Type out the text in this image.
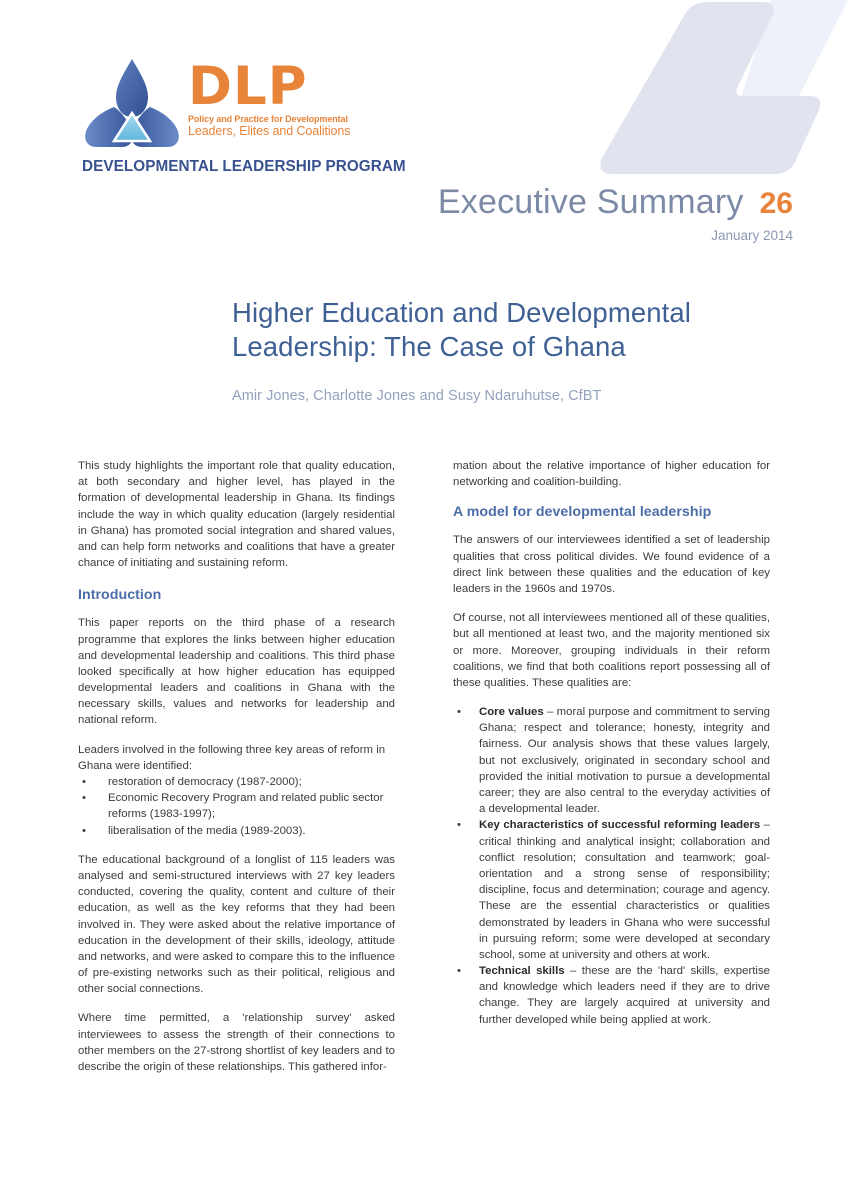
DLP
Policy and Practice for Developmental
Leaders, Elites and Coalitions
DEVELOPMENTAL LEADERSHIP PROGRAM
Executive Summary 26
January 2014
Higher Education and Developmental
Leadership: The Case of Ghana
Amir Jones, Charlotte Jones and Susy Ndaruhutse, CfBT

This study highlights the important role that quality education, at both secondary and higher level, has played in the formation of developmental leadership in Ghana. Its findings include the way in which quality education (largely residential in Ghana) has promoted social integration and shared values, and can help form networks and coalitions that have a greater chance of initiating and sustaining reform.

Introduction

This paper reports on the third phase of a research programme that explores the links between higher education and developmental leadership and coalitions. This third phase looked specifically at how higher education has equipped developmental leaders and coalitions in Ghana with the necessary skills, values and networks for leadership and national reform.

Leaders involved in the following three key areas of reform in Ghana were identified:

• restoration of democracy (1987-2000);
• Economic Recovery Program and related public sector reforms (1983-1997);
• liberalisation of the media (1989-2003).

The educational background of a longlist of 115 leaders was analysed and semi-structured interviews with 27 key leaders conducted, covering the quality, content and culture of their education, as well as the key reforms that they had been involved in. They were asked about the relative importance of education in the development of their skills, ideology, attitude and networks, and were asked to compare this to the influence of pre-existing networks such as their political, religious and other social connections.

Where time permitted, a 'relationship survey' asked interviewees to assess the strength of their connections to other members on the 27-strong shortlist of key leaders and to describe the origin of these relationships. This gathered infor-

mation about the relative importance of higher education for networking and coalition-building.

A model for developmental leadership

The answers of our interviewees identified a set of leadership qualities that cross political divides. We found evidence of a direct link between these qualities and the education of key leaders in the 1960s and 1970s.

Of course, not all interviewees mentioned all of these qualities, but all mentioned at least two, and the majority mentioned six or more. Moreover, grouping individuals in their reform coalitions, we find that both coalitions report possessing all of these qualities. These qualities are:

• Core values – moral purpose and commitment to serving Ghana; respect and tolerance; honesty, integrity and fairness. Our analysis shows that these values largely, but not exclusively, originated in secondary school and provided the initial motivation to pursue a developmental career; they are also central to the everyday activities of a developmental leader.
• Key characteristics of successful reforming leaders – critical thinking and analytical insight; collaboration and conflict resolution; consultation and teamwork; goal-orientation and a strong sense of responsibility; discipline, focus and determination; courage and agency. These are the essential characteristics or qualities demonstrated by leaders in Ghana who were successful in pursuing reform; some were developed at secondary school, some at university and others at work.
• Technical skills – these are the 'hard' skills, expertise and knowledge which leaders need if they are to drive change. They are largely acquired at university and further developed while being applied at work.
